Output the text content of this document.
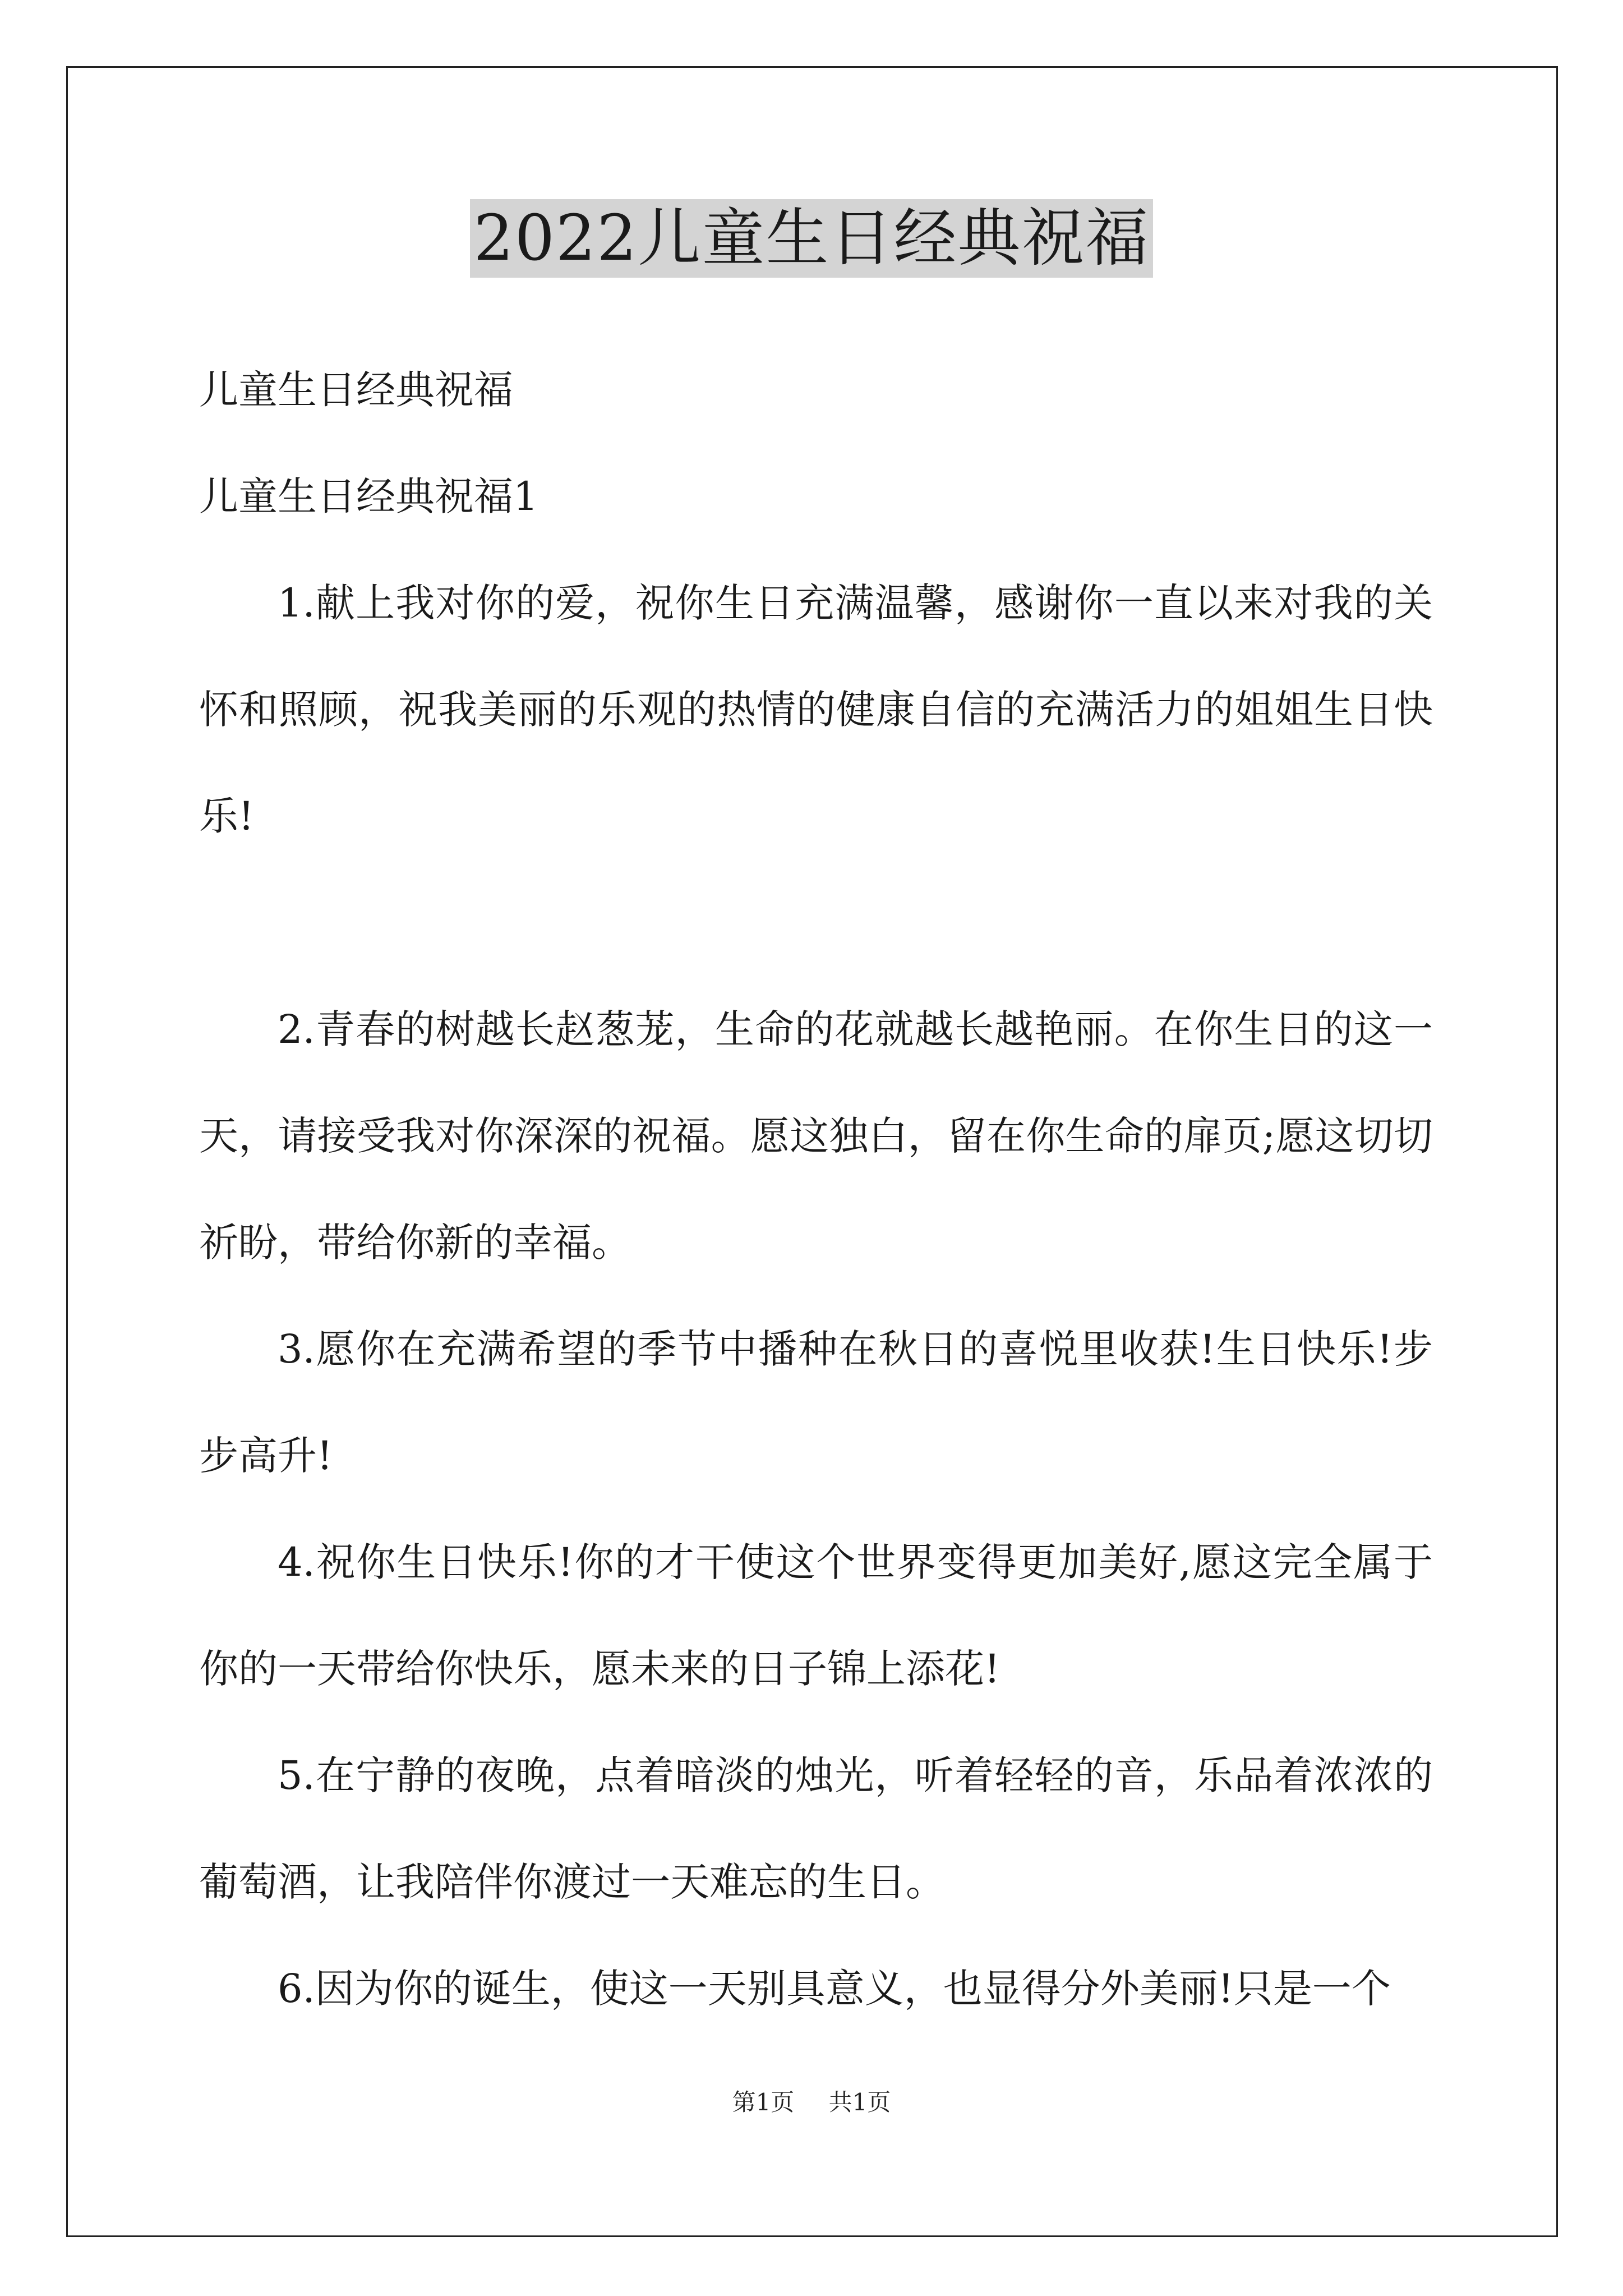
2022儿童生日经典祝福

儿童生日经典祝福

儿童生日经典祝福1

1.献上我对你的爱，祝你生日充满温馨，感谢你一直以来对我的关怀和照顾，祝我美丽的乐观的热情的健康自信的充满活力的姐姐生日快乐!

2.青春的树越长赵葱茏，生命的花就越长越艳丽。在你生日的这一天，请接受我对你深深的祝福。愿这独白，留在你生命的扉页;愿这切切祈盼，带给你新的幸福。

3.愿你在充满希望的季节中播种在秋日的喜悦里收获!生日快乐!步步高升!

4.祝你生日快乐!你的才干使这个世界变得更加美好,愿这完全属于你的一天带给你快乐，愿未来的日子锦上添花!

5.在宁静的夜晚，点着暗淡的烛光，听着轻轻的音，乐品着浓浓的葡萄酒，让我陪伴你渡过一天难忘的生日。

6.因为你的诞生，使这一天别具意义，也显得分外美丽!只是一个

第1页 共1页
